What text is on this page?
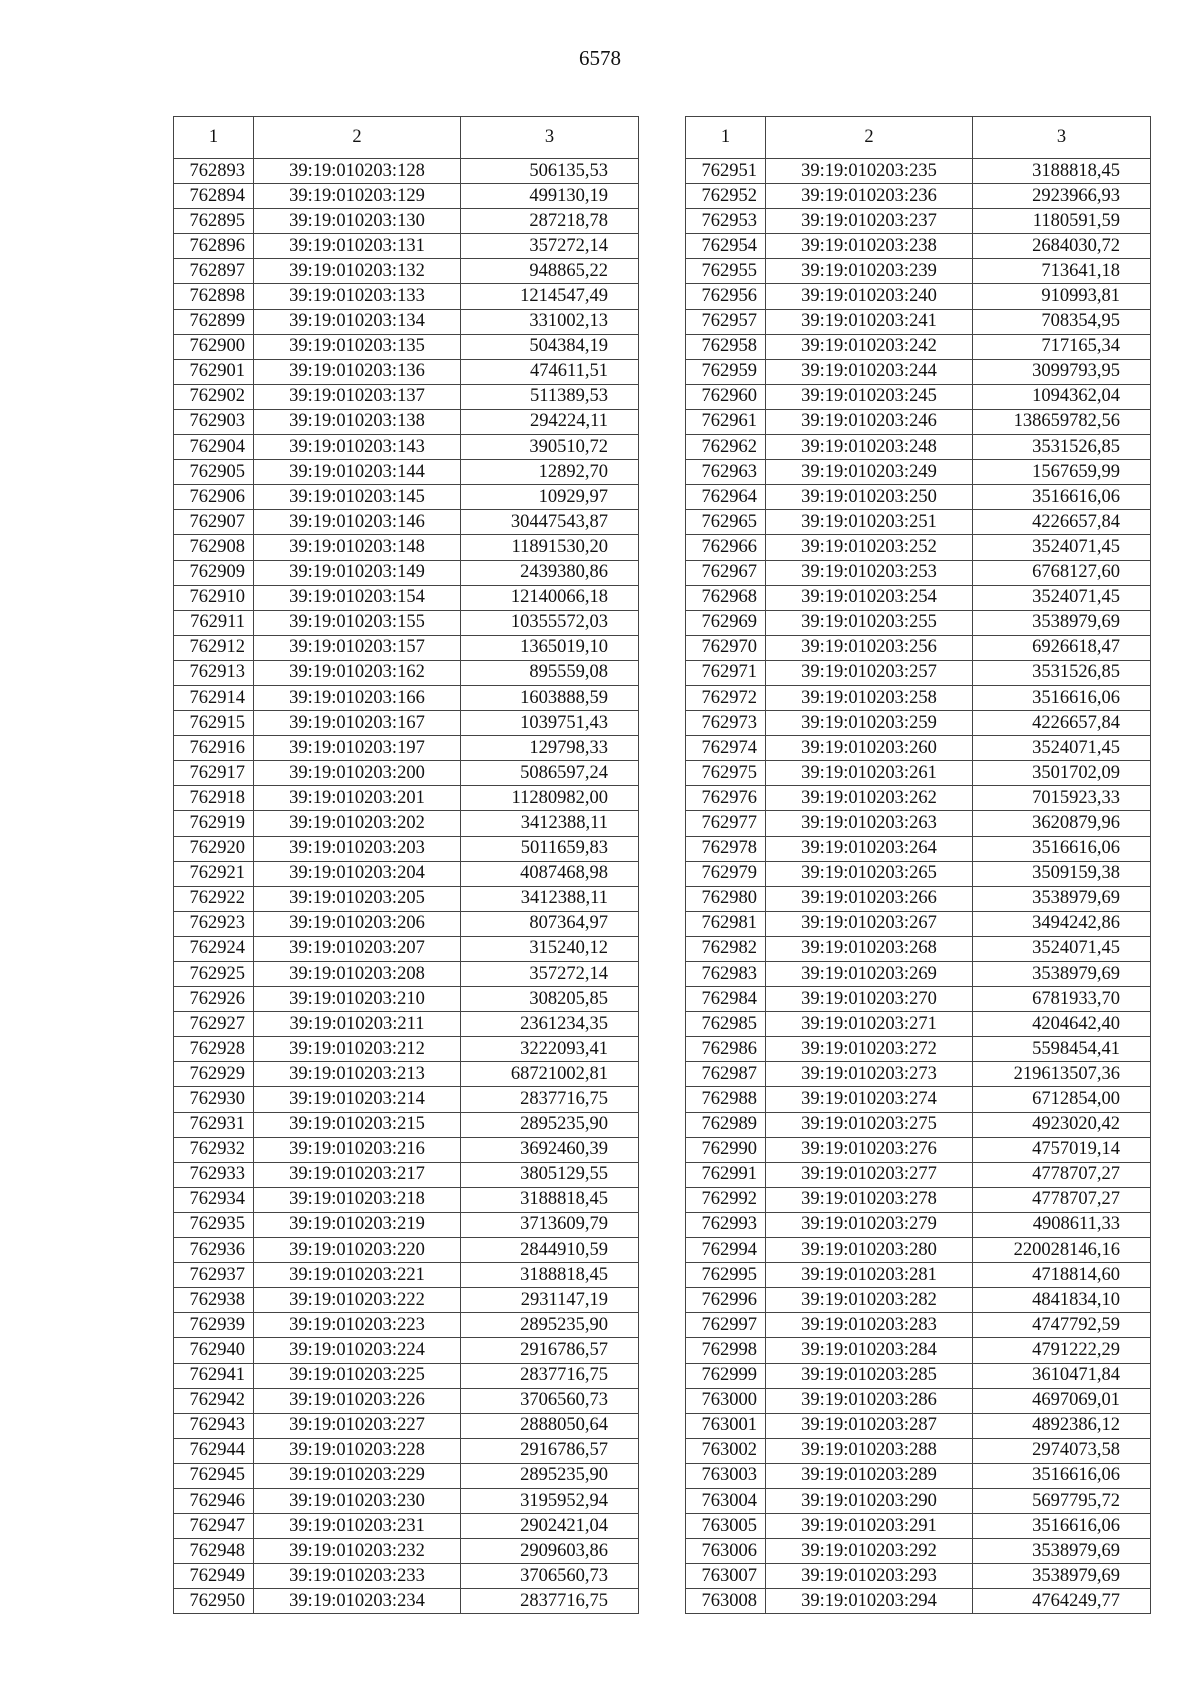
6578
1	2	3
762893	39:19:010203:128	506135,53
762894	39:19:010203:129	499130,19
762895	39:19:010203:130	287218,78
762896	39:19:010203:131	357272,14
762897	39:19:010203:132	948865,22
762898	39:19:010203:133	1214547,49
762899	39:19:010203:134	331002,13
762900	39:19:010203:135	504384,19
762901	39:19:010203:136	474611,51
762902	39:19:010203:137	511389,53
762903	39:19:010203:138	294224,11
762904	39:19:010203:143	390510,72
762905	39:19:010203:144	12892,70
762906	39:19:010203:145	10929,97
762907	39:19:010203:146	30447543,87
762908	39:19:010203:148	11891530,20
762909	39:19:010203:149	2439380,86
762910	39:19:010203:154	12140066,18
762911	39:19:010203:155	10355572,03
762912	39:19:010203:157	1365019,10
762913	39:19:010203:162	895559,08
762914	39:19:010203:166	1603888,59
762915	39:19:010203:167	1039751,43
762916	39:19:010203:197	129798,33
762917	39:19:010203:200	5086597,24
762918	39:19:010203:201	11280982,00
762919	39:19:010203:202	3412388,11
762920	39:19:010203:203	5011659,83
762921	39:19:010203:204	4087468,98
762922	39:19:010203:205	3412388,11
762923	39:19:010203:206	807364,97
762924	39:19:010203:207	315240,12
762925	39:19:010203:208	357272,14
762926	39:19:010203:210	308205,85
762927	39:19:010203:211	2361234,35
762928	39:19:010203:212	3222093,41
762929	39:19:010203:213	68721002,81
762930	39:19:010203:214	2837716,75
762931	39:19:010203:215	2895235,90
762932	39:19:010203:216	3692460,39
762933	39:19:010203:217	3805129,55
762934	39:19:010203:218	3188818,45
762935	39:19:010203:219	3713609,79
762936	39:19:010203:220	2844910,59
762937	39:19:010203:221	3188818,45
762938	39:19:010203:222	2931147,19
762939	39:19:010203:223	2895235,90
762940	39:19:010203:224	2916786,57
762941	39:19:010203:225	2837716,75
762942	39:19:010203:226	3706560,73
762943	39:19:010203:227	2888050,64
762944	39:19:010203:228	2916786,57
762945	39:19:010203:229	2895235,90
762946	39:19:010203:230	3195952,94
762947	39:19:010203:231	2902421,04
762948	39:19:010203:232	2909603,86
762949	39:19:010203:233	3706560,73
762950	39:19:010203:234	2837716,75
1	2	3
762951	39:19:010203:235	3188818,45
762952	39:19:010203:236	2923966,93
762953	39:19:010203:237	1180591,59
762954	39:19:010203:238	2684030,72
762955	39:19:010203:239	713641,18
762956	39:19:010203:240	910993,81
762957	39:19:010203:241	708354,95
762958	39:19:010203:242	717165,34
762959	39:19:010203:244	3099793,95
762960	39:19:010203:245	1094362,04
762961	39:19:010203:246	138659782,56
762962	39:19:010203:248	3531526,85
762963	39:19:010203:249	1567659,99
762964	39:19:010203:250	3516616,06
762965	39:19:010203:251	4226657,84
762966	39:19:010203:252	3524071,45
762967	39:19:010203:253	6768127,60
762968	39:19:010203:254	3524071,45
762969	39:19:010203:255	3538979,69
762970	39:19:010203:256	6926618,47
762971	39:19:010203:257	3531526,85
762972	39:19:010203:258	3516616,06
762973	39:19:010203:259	4226657,84
762974	39:19:010203:260	3524071,45
762975	39:19:010203:261	3501702,09
762976	39:19:010203:262	7015923,33
762977	39:19:010203:263	3620879,96
762978	39:19:010203:264	3516616,06
762979	39:19:010203:265	3509159,38
762980	39:19:010203:266	3538979,69
762981	39:19:010203:267	3494242,86
762982	39:19:010203:268	3524071,45
762983	39:19:010203:269	3538979,69
762984	39:19:010203:270	6781933,70
762985	39:19:010203:271	4204642,40
762986	39:19:010203:272	5598454,41
762987	39:19:010203:273	219613507,36
762988	39:19:010203:274	6712854,00
762989	39:19:010203:275	4923020,42
762990	39:19:010203:276	4757019,14
762991	39:19:010203:277	4778707,27
762992	39:19:010203:278	4778707,27
762993	39:19:010203:279	4908611,33
762994	39:19:010203:280	220028146,16
762995	39:19:010203:281	4718814,60
762996	39:19:010203:282	4841834,10
762997	39:19:010203:283	4747792,59
762998	39:19:010203:284	4791222,29
762999	39:19:010203:285	3610471,84
763000	39:19:010203:286	4697069,01
763001	39:19:010203:287	4892386,12
763002	39:19:010203:288	2974073,58
763003	39:19:010203:289	3516616,06
763004	39:19:010203:290	5697795,72
763005	39:19:010203:291	3516616,06
763006	39:19:010203:292	3538979,69
763007	39:19:010203:293	3538979,69
763008	39:19:010203:294	4764249,77
